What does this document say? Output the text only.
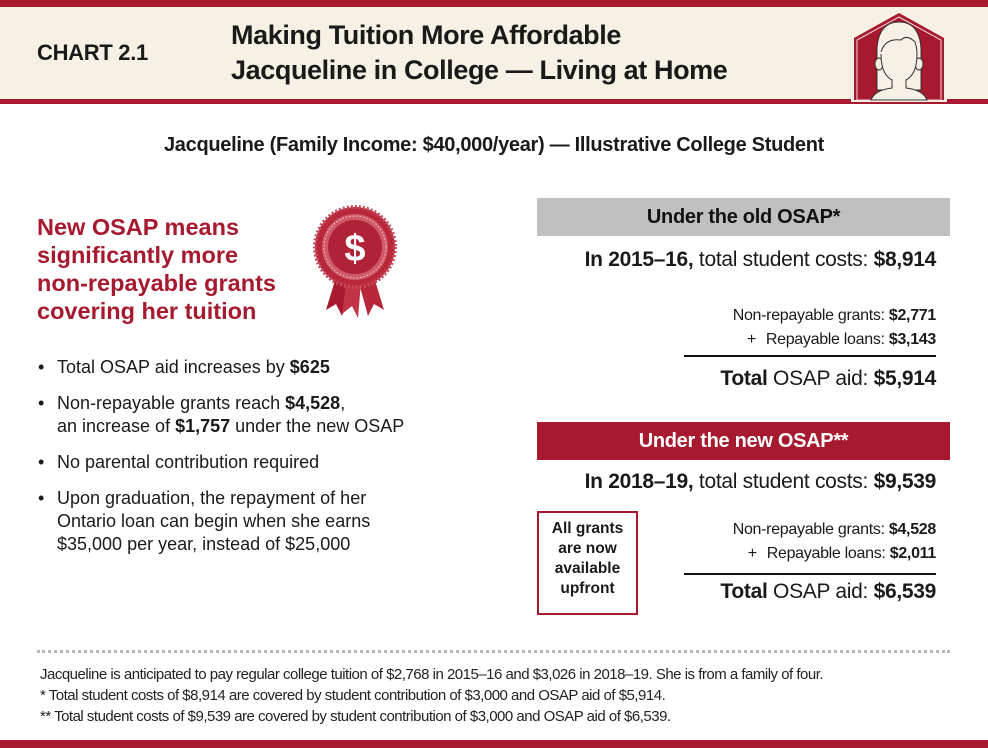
CHART 2.1
Making Tuition More Affordable
Jacqueline in College — Living at Home
Jacqueline (Family Income: $40,000/year) — Illustrative College Student
New OSAP means
significantly more
non-repayable grants
covering her tuition
$
• Total OSAP aid increases by $625
• Non-repayable grants reach $4,528,
an increase of $1,757 under the new OSAP
• No parental contribution required
• Upon graduation, the repayment of her
Ontario loan can begin when she earns
$35,000 per year, instead of $25,000
Under the old OSAP*
In 2015–16, total student costs: $8,914
Non-repayable grants: $2,771
+ Repayable loans: $3,143
Total OSAP aid: $5,914
Under the new OSAP**
In 2018–19, total student costs: $9,539
All grants
are now
available
upfront
Non-repayable grants: $4,528
+ Repayable loans: $2,011
Total OSAP aid: $6,539
Jacqueline is anticipated to pay regular college tuition of $2,768 in 2015–16 and $3,026 in 2018–19. She is from a family of four.
* Total student costs of $8,914 are covered by student contribution of $3,000 and OSAP aid of $5,914.
** Total student costs of $9,539 are covered by student contribution of $3,000 and OSAP aid of $6,539.
